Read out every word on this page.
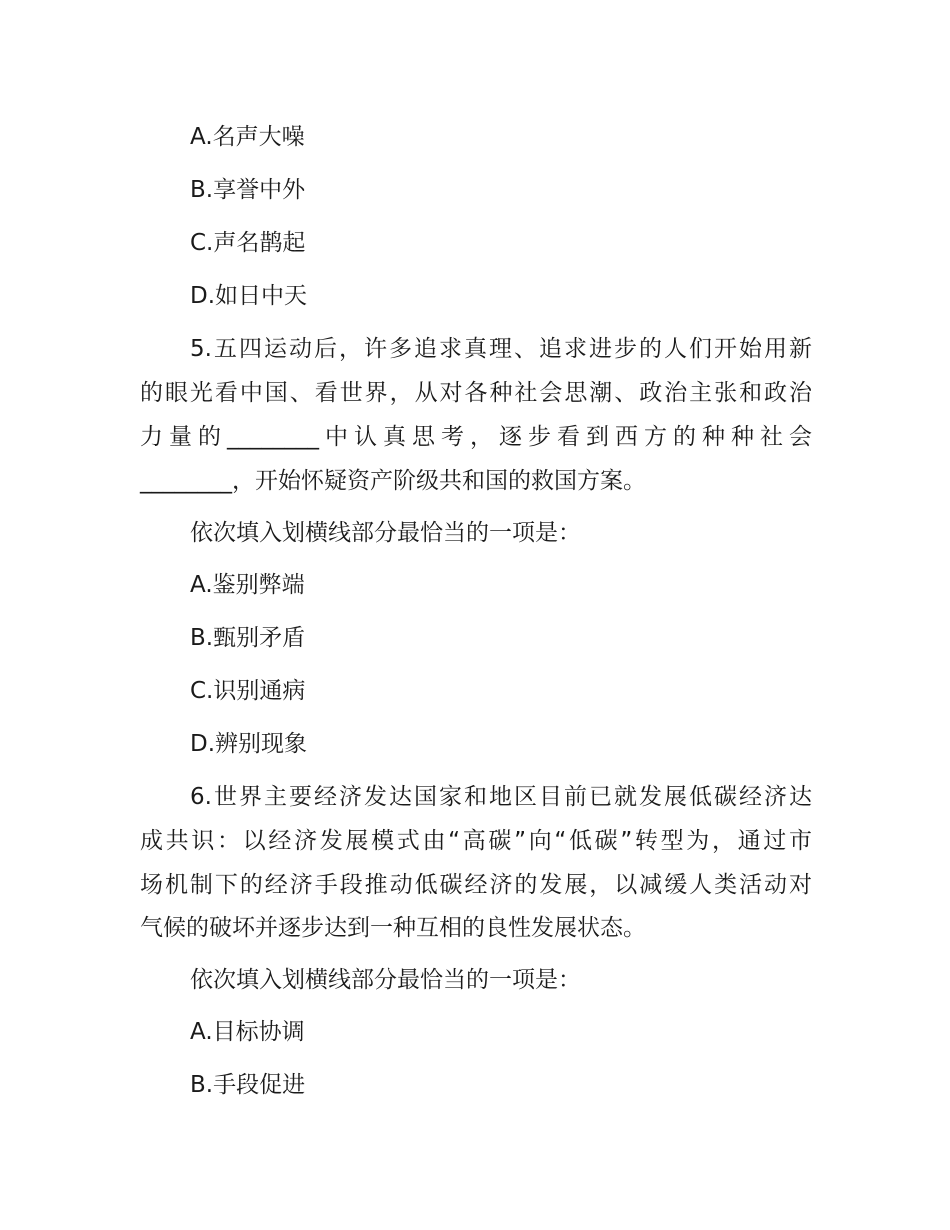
A.名声大噪
B.享誉中外
C.声名鹊起
D.如日中天
5.五四运动后，许多追求真理、追求进步的人们开始用新
的眼光看中国、看世界，从对各种社会思潮、政治主张和政治
力量的________中认真思考，逐步看到西方的种种社会
________，开始怀疑资产阶级共和国的救国方案。
依次填入划横线部分最恰当的一项是：
A.鉴别弊端
B.甄别矛盾
C.识别通病
D.辨别现象
6.世界主要经济发达国家和地区目前已就发展低碳经济达
成共识：以经济发展模式由“高碳”向“低碳”转型为，通过市
场机制下的经济手段推动低碳经济的发展，以减缓人类活动对
气候的破坏并逐步达到一种互相的良性发展状态。
依次填入划横线部分最恰当的一项是：
A.目标协调
B.手段促进
